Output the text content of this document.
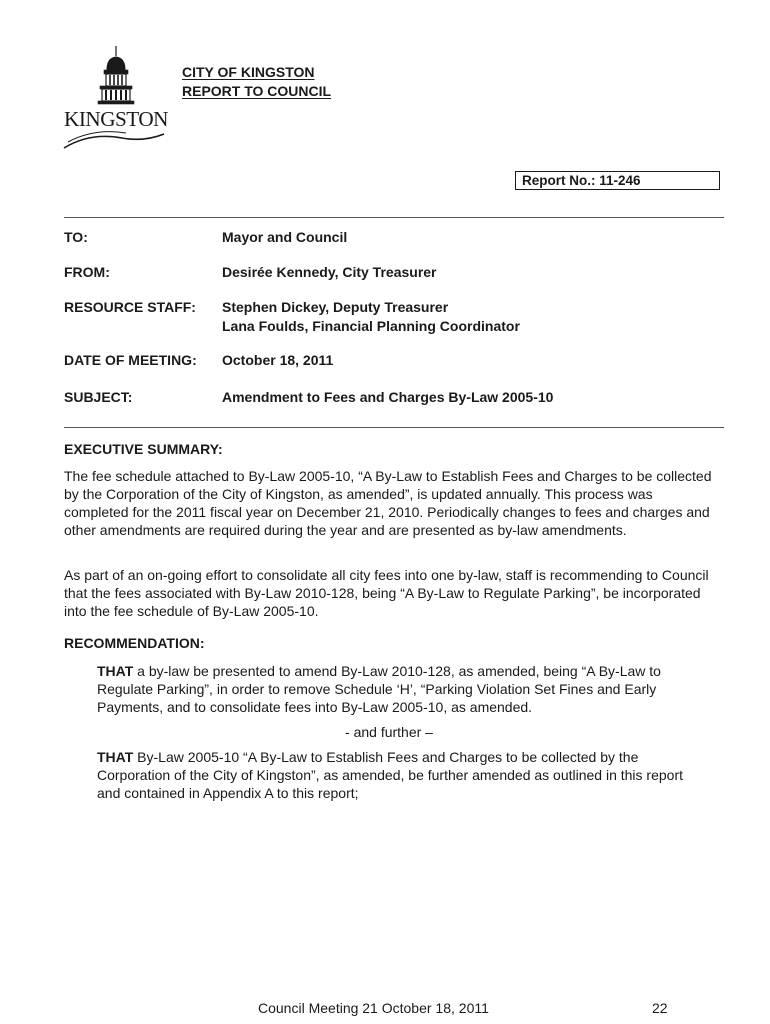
KINGSTON
CITY OF KINGSTON
REPORT TO COUNCIL
Report No.: 11-246
TO:	Mayor and Council
FROM:	Desirée Kennedy, City Treasurer
RESOURCE STAFF: Stephen Dickey, Deputy Treasurer
Lana Foulds, Financial Planning Coordinator
DATE OF MEETING: October 18, 2011
SUBJECT:	Amendment to Fees and Charges By-Law 2005-10
EXECUTIVE SUMMARY:
The fee schedule attached to By-Law 2005-10, “A By-Law to Establish Fees and Charges to be collected by the Corporation of the City of Kingston, as amended”, is updated annually. This process was completed for the 2011 fiscal year on December 21, 2010. Periodically changes to fees and charges and other amendments are required during the year and are presented as by-law amendments.
As part of an on-going effort to consolidate all city fees into one by-law, staff is recommending to Council that the fees associated with By-Law 2010-128, being “A By-Law to Regulate Parking”, be incorporated into the fee schedule of By-Law 2005-10.
RECOMMENDATION:
THAT a by-law be presented to amend By-Law 2010-128, as amended, being “A By-Law to Regulate Parking”, in order to remove Schedule ‘H’, “Parking Violation Set Fines and Early Payments, and to consolidate fees into By-Law 2005-10, as amended.
- and further –
THAT By-Law 2005-10 “A By-Law to Establish Fees and Charges to be collected by the Corporation of the City of Kingston”, as amended, be further amended as outlined in this report and contained in Appendix A to this report;
Council Meeting 21 October 18, 2011	22
